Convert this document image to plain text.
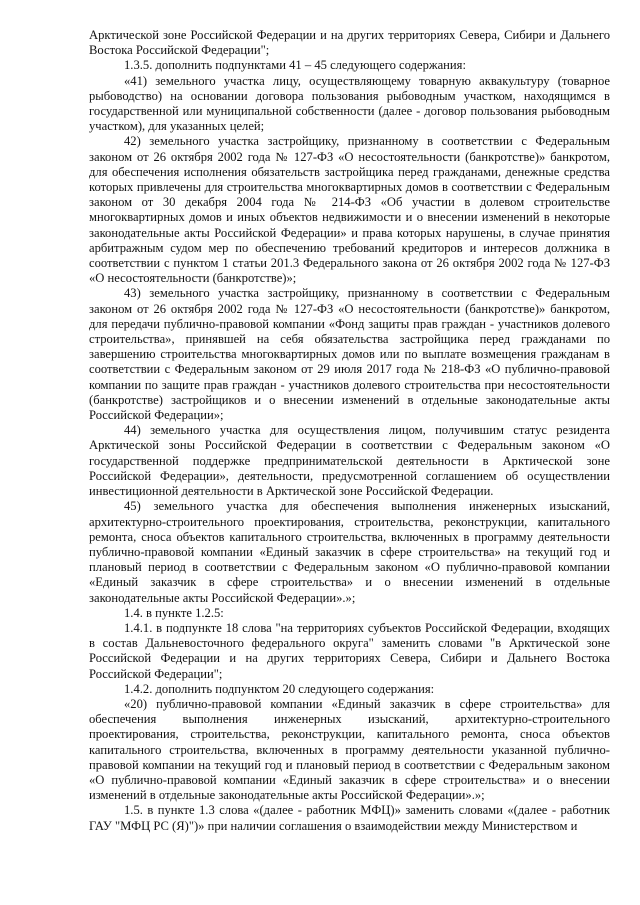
Арктической зоне Российской Федерации и на других территориях Севера, Сибири и Дальнего Востока Российской Федерации";

1.3.5. дополнить подпунктами 41 – 45 следующего содержания:

«41) земельного участка лицу, осуществляющему товарную аквакультуру (товарное рыбоводство) на основании договора пользования рыбоводным участком, находящимся в государственной или муниципальной собственности (далее - договор пользования рыбоводным участком), для указанных целей;

42) земельного участка застройщику, признанному в соответствии с Федеральным законом от 26 октября 2002 года № 127-ФЗ «О несостоятельности (банкротстве)» банкротом, для обеспечения исполнения обязательств застройщика перед гражданами, денежные средства которых привлечены для строительства многоквартирных домов в соответствии с Федеральным законом от 30 декабря 2004 года № 214-ФЗ «Об участии в долевом строительстве многоквартирных домов и иных объектов недвижимости и о внесении изменений в некоторые законодательные акты Российской Федерации» и права которых нарушены, в случае принятия арбитражным судом мер по обеспечению требований кредиторов и интересов должника в соответствии с пунктом 1 статьи 201.3 Федерального закона от 26 октября 2002 года № 127-ФЗ «О несостоятельности (банкротстве)»;

43) земельного участка застройщику, признанному в соответствии с Федеральным законом от 26 октября 2002 года № 127-ФЗ «О несостоятельности (банкротстве)» банкротом, для передачи публично-правовой компании «Фонд защиты прав граждан - участников долевого строительства», принявшей на себя обязательства застройщика перед гражданами по завершению строительства многоквартирных домов или по выплате возмещения гражданам в соответствии с Федеральным законом от 29 июля 2017 года № 218-ФЗ «О публично-правовой компании по защите прав граждан - участников долевого строительства при несостоятельности (банкротстве) застройщиков и о внесении изменений в отдельные законодательные акты Российской Федерации»;

44) земельного участка для осуществления лицом, получившим статус резидента Арктической зоны Российской Федерации в соответствии с Федеральным законом «О государственной поддержке предпринимательской деятельности в Арктической зоне Российской Федерации», деятельности, предусмотренной соглашением об осуществлении инвестиционной деятельности в Арктической зоне Российской Федерации.

45) земельного участка для обеспечения выполнения инженерных изысканий, архитектурно-строительного проектирования, строительства, реконструкции, капитального ремонта, сноса объектов капитального строительства, включенных в программу деятельности публично-правовой компании «Единый заказчик в сфере строительства» на текущий год и плановый период в соответствии с Федеральным законом «О публично-правовой компании «Единый заказчик в сфере строительства» и о внесении изменений в отдельные законодательные акты Российской Федерации».»;

1.4. в пункте 1.2.5:

1.4.1. в подпункте 18 слова "на территориях субъектов Российской Федерации, входящих в состав Дальневосточного федерального округа" заменить словами "в Арктической зоне Российской Федерации и на других территориях Севера, Сибири и Дальнего Востока Российской Федерации";

1.4.2. дополнить подпунктом 20 следующего содержания:

«20) публично-правовой компании «Единый заказчик в сфере строительства» для обеспечения выполнения инженерных изысканий, архитектурно-строительного проектирования, строительства, реконструкции, капитального ремонта, сноса объектов капитального строительства, включенных в программу деятельности указанной публично-правовой компании на текущий год и плановый период в соответствии с Федеральным законом «О публично-правовой компании «Единый заказчик в сфере строительства» и о внесении изменений в отдельные законодательные акты Российской Федерации».»;

1.5. в пункте 1.3 слова «(далее - работник МФЦ)» заменить словами «(далее - работник ГАУ "МФЦ РС (Я)")» при наличии соглашения о взаимодействии между Министерством и
